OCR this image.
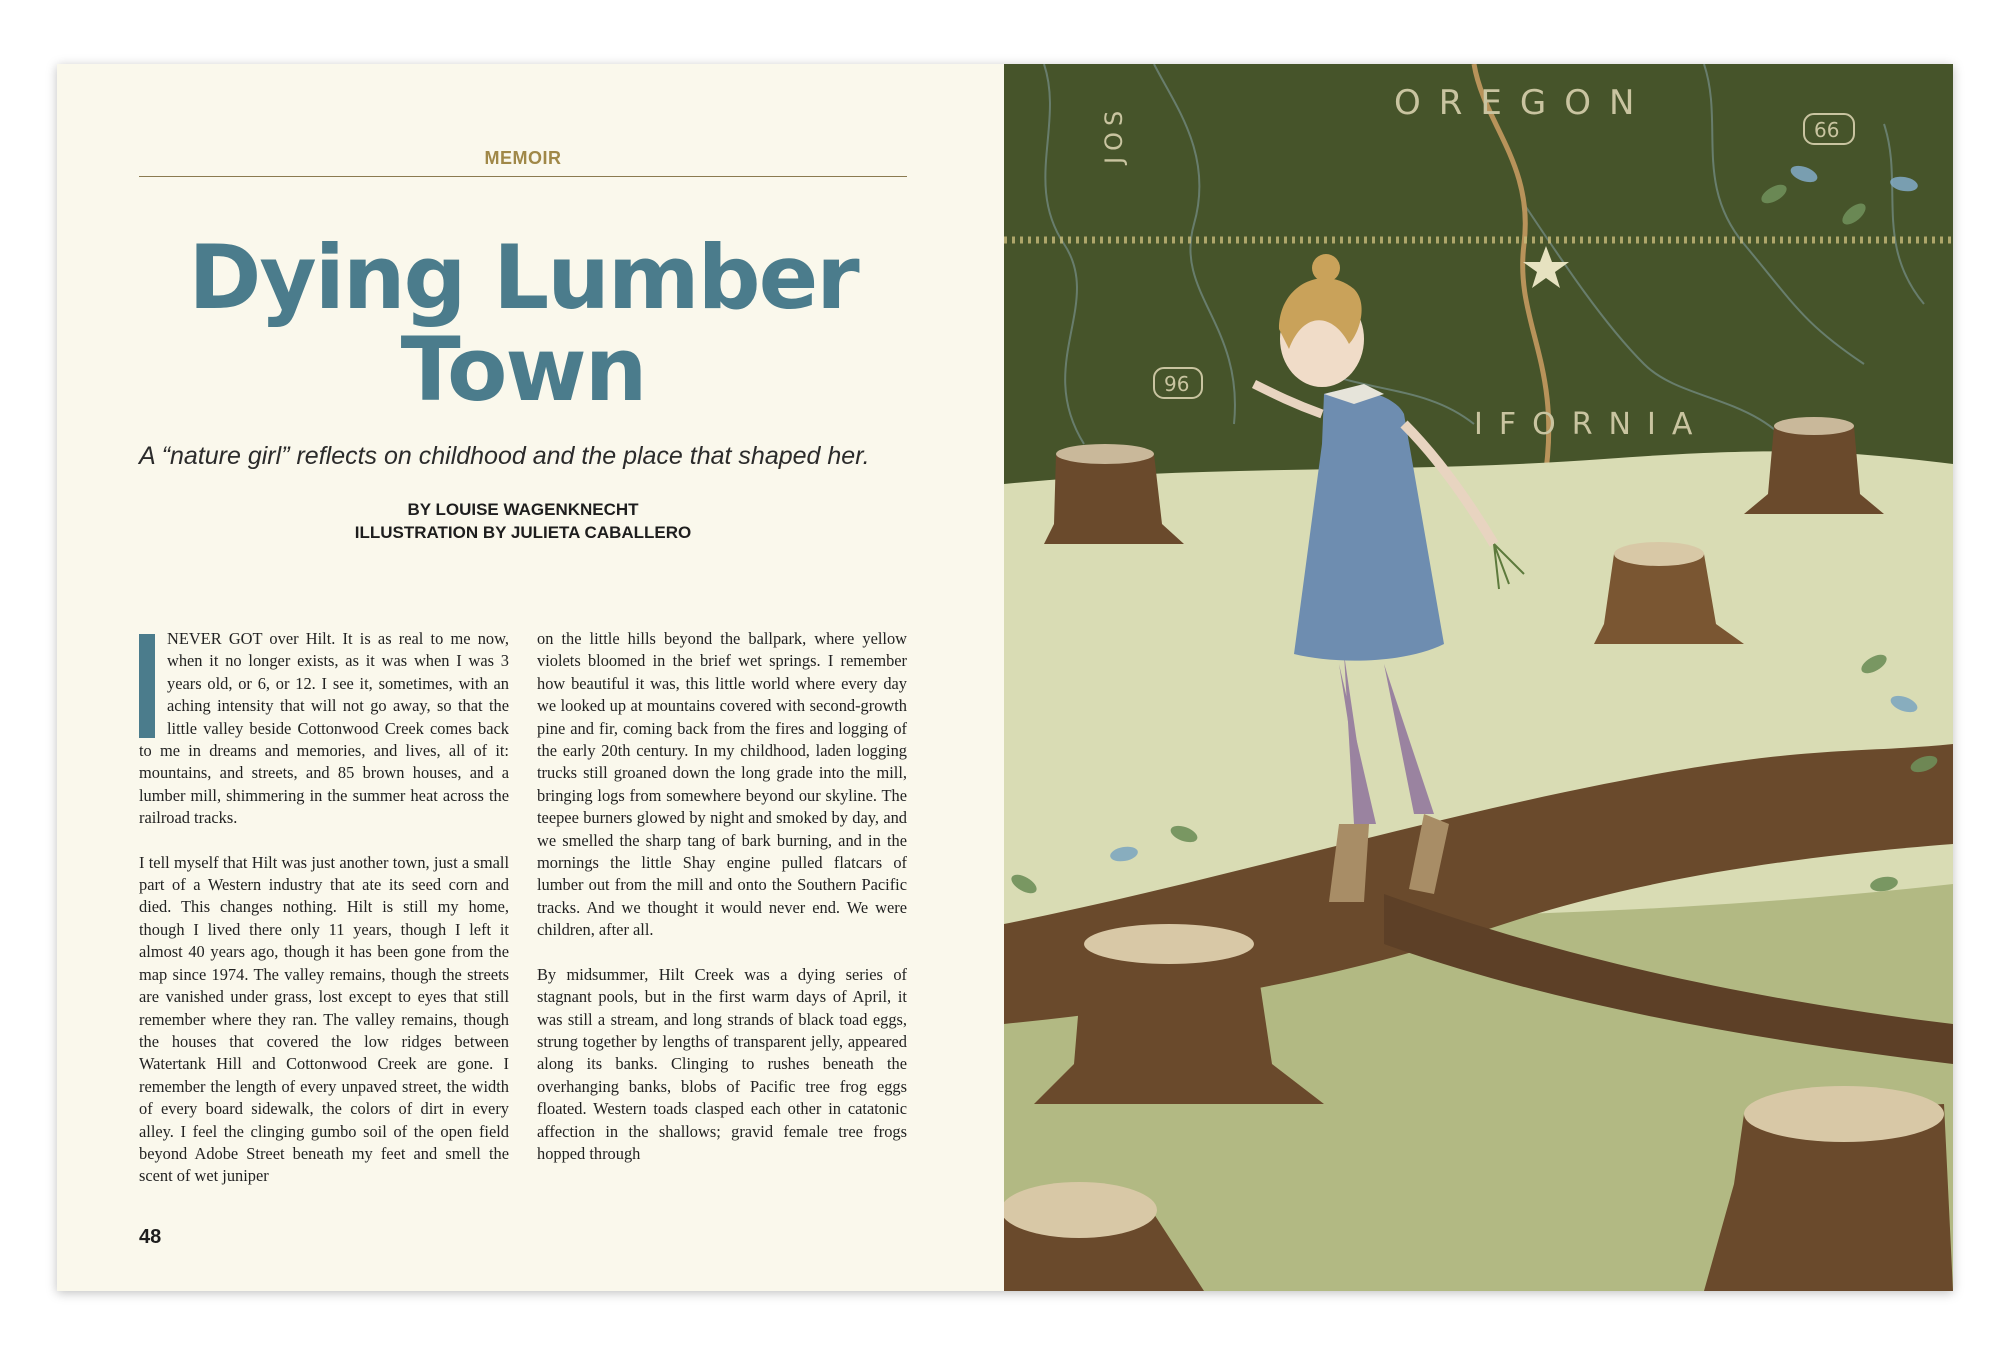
MEMOIR
Dying Lumber
Town
A “nature girl” reflects on childhood and the place that shaped her.
BY LOUISE WAGENKNECHT
ILLUSTRATION BY JULIETA CABALLERO

NEVER GOT over Hilt. It is as real to me now, when it no longer exists, as it was when I was 3 years old, or 6, or 12. I see it, sometimes, with an aching intensity that will not go away, so that the little valley beside Cottonwood Creek comes back to me in dreams and memories, and lives, all of it: mountains, and streets, and 85 brown houses, and a lumber mill, shimmering in the summer heat across the railroad tracks.

I tell myself that Hilt was just another town, just a small part of a Western industry that ate its seed corn and died. This changes nothing. Hilt is still my home, though I lived there only 11 years, though I left it almost 40 years ago, though it has been gone from the map since 1974. The valley remains, though the streets are vanished under grass, lost except to eyes that still remember where they ran. The valley remains, though the houses that covered the low ridges between Watertank Hill and Cottonwood Creek are gone. I remember the length of every unpaved street, the width of every board sidewalk, the colors of dirt in every alley. I feel the clinging gumbo soil of the open field beyond Adobe Street beneath my feet and smell the scent of wet juniper

on the little hills beyond the ballpark, where yellow violets bloomed in the brief wet springs. I remember how beautiful it was, this little world where every day we looked up at mountains covered with second-growth pine and fir, coming back from the fires and logging of the early 20th century. In my childhood, laden logging trucks still groaned down the long grade into the mill, bringing logs from somewhere beyond our skyline. The teepee burners glowed by night and smoked by day, and we smelled the sharp tang of bark burning, and in the mornings the little Shay engine pulled flatcars of lumber out from the mill and onto the Southern Pacific tracks. And we thought it would never end. We were children, after all.

By midsummer, Hilt Creek was a dying series of stagnant pools, but in the first warm days of April, it was still a stream, and long strands of black toad eggs, strung together by lengths of transparent jelly, appeared along its banks. Clinging to rushes beneath the overhanging banks, blobs of Pacific tree frog eggs floated. Western toads clasped each other in catatonic affection in the shallows; gravid female tree frogs hopped through

48
OREGON
IFORNIA
JOS	66
96
